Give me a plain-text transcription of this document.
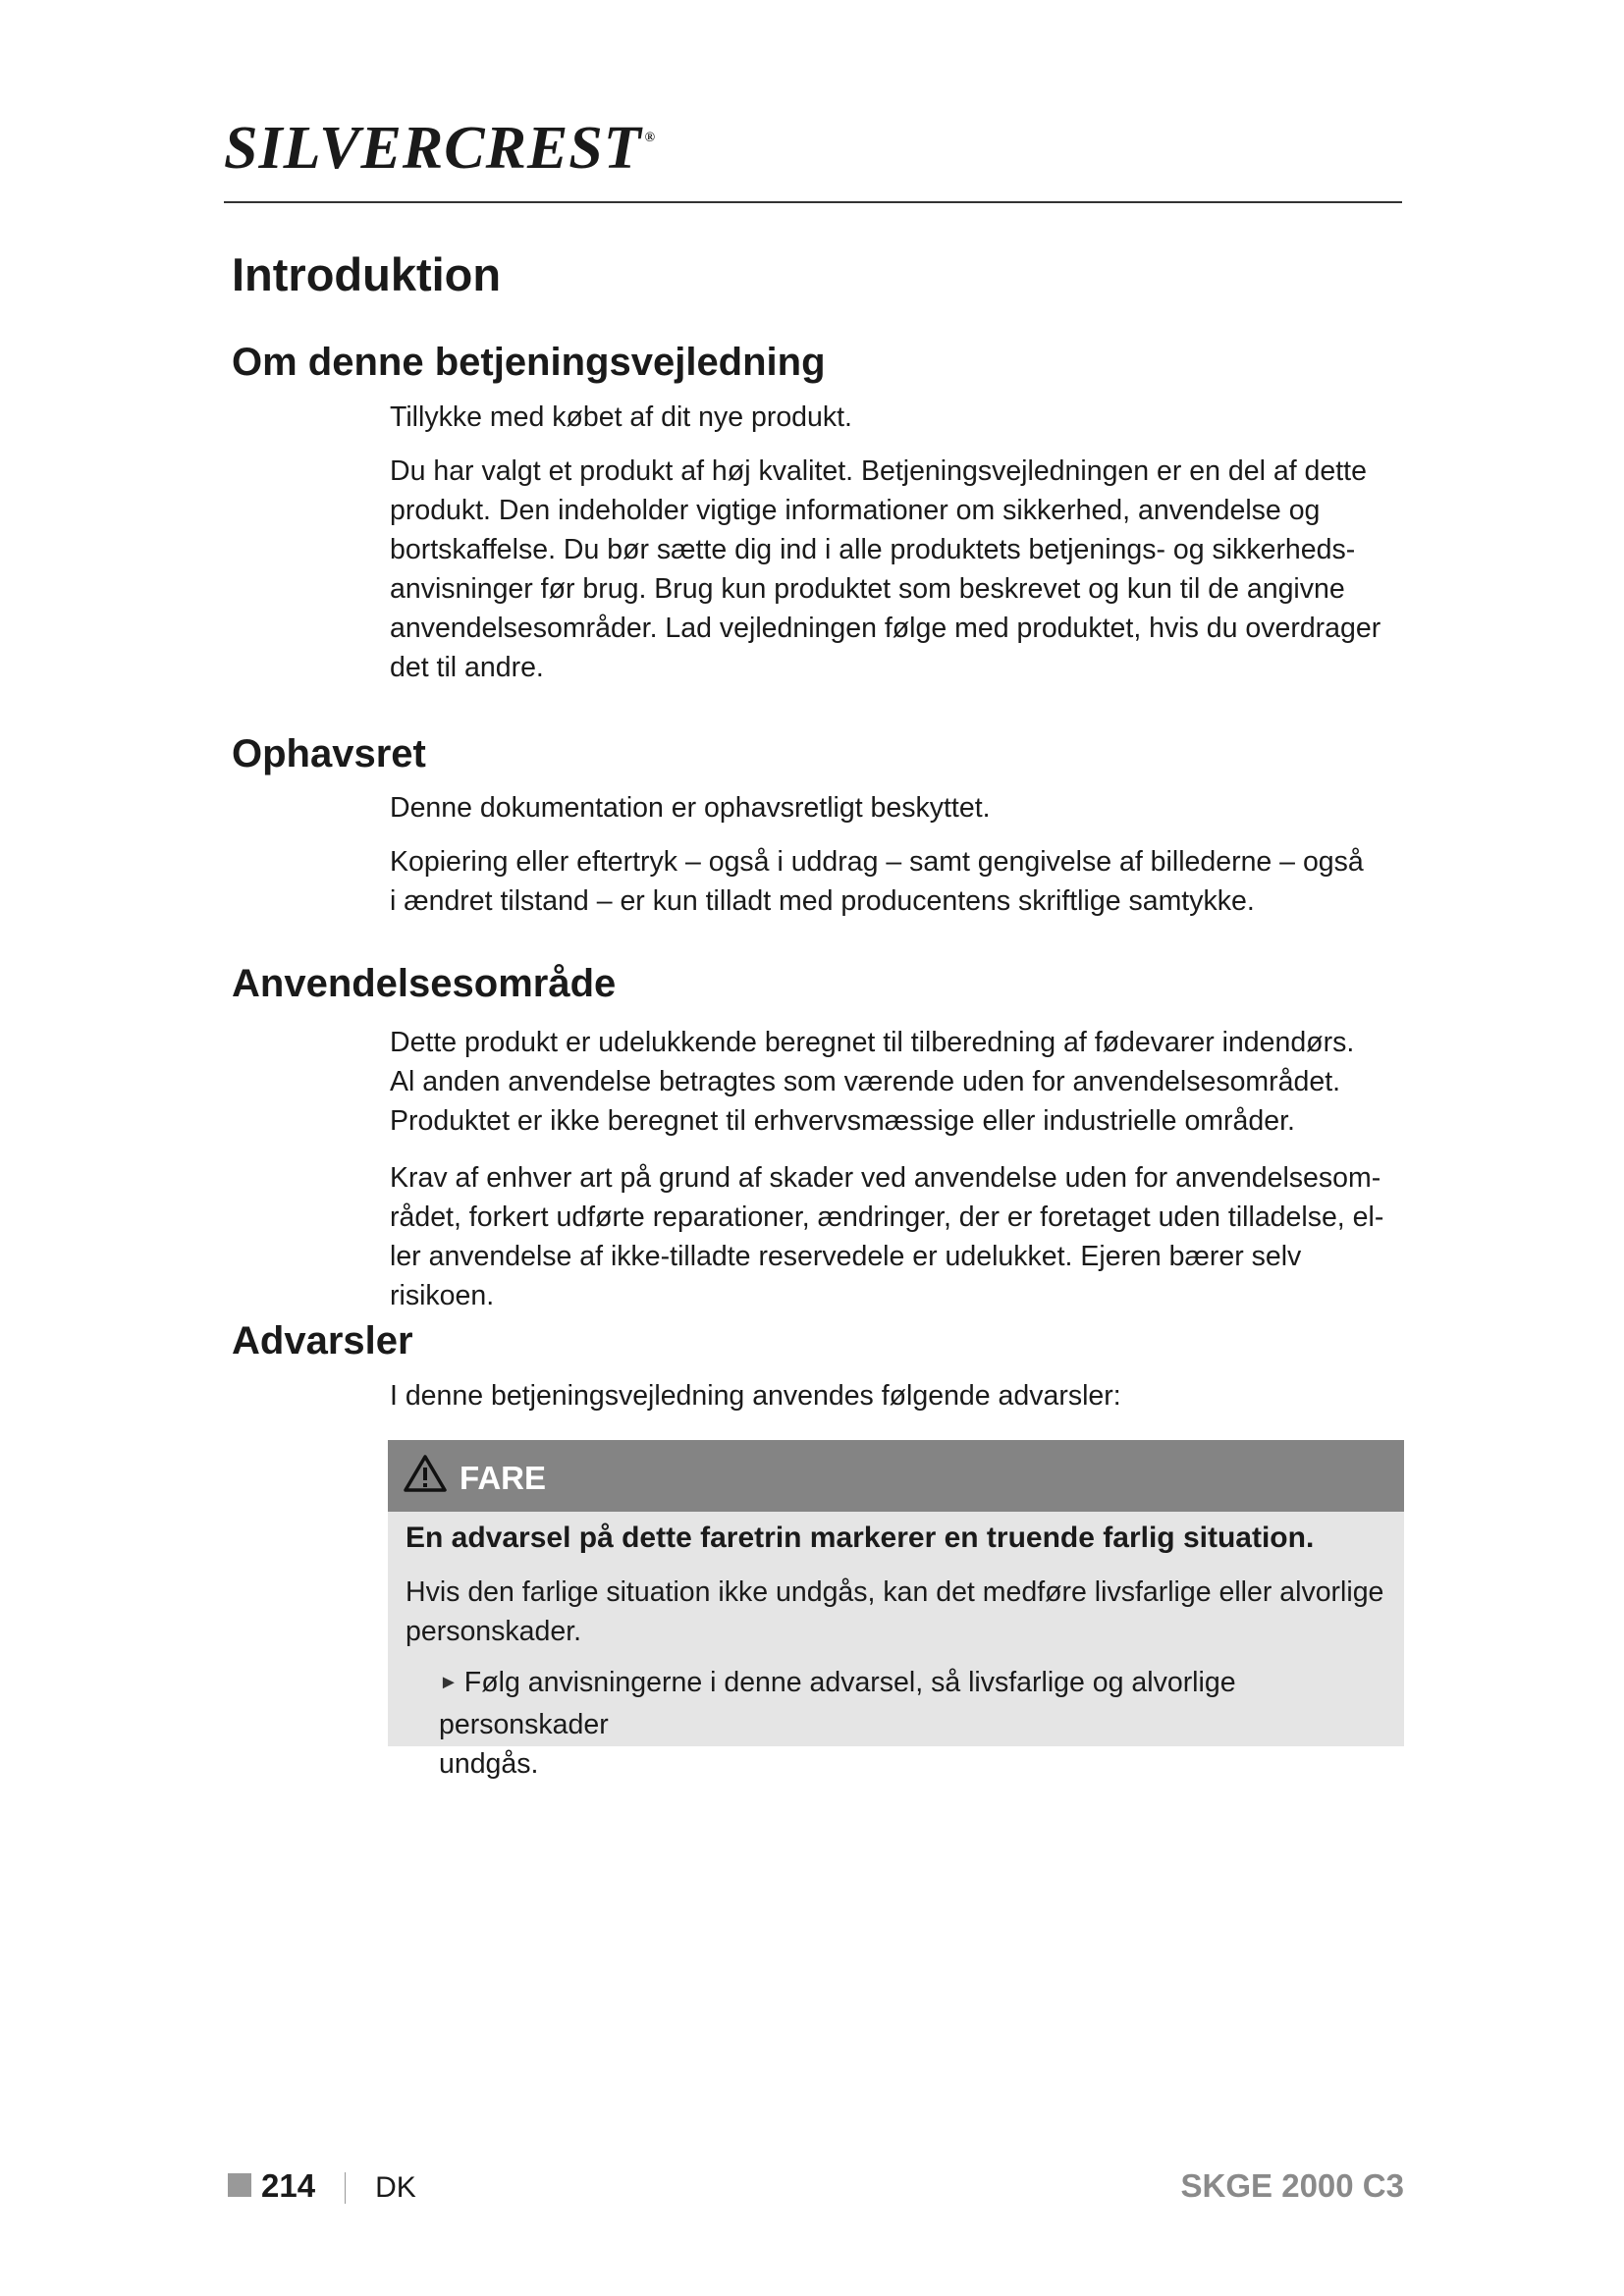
SILVERCREST ®
Introduktion
Om denne betjeningsvejledning

Tillykke med købet af dit nye produkt.

Du har valgt et produkt af høj kvalitet. Betjeningsvejledningen er en del af dette
produkt. Den indeholder vigtige informationer om sikkerhed, anvendelse og
bortskaffelse. Du bør sætte dig ind i alle produktets betjenings- og sikkerheds-
anvisninger før brug. Brug kun produktet som beskrevet og kun til de angivne
anvendelsesområder. Lad vejledningen følge med produktet, hvis du overdrager
det til andre.

Ophavsret

Denne dokumentation er ophavsretligt beskyttet.

Kopiering eller eftertryk – også i uddrag – samt gengivelse af billederne – også
i ændret tilstand – er kun tilladt med producentens skriftlige samtykke.

Anvendelsesområde

Dette produkt er udelukkende beregnet til tilberedning af fødevarer indendørs.
Al anden anvendelse betragtes som værende uden for anvendelsesområdet.
Produktet er ikke beregnet til erhvervsmæssige eller industrielle områder.

Krav af enhver art på grund af skader ved anvendelse uden for anvendelsesom-
rådet, forkert udførte reparationer, ændringer, der er foretaget uden tilladelse, el-
ler anvendelse af ikke-tilladte reservedele er udelukket. Ejeren bærer selv risikoen.

Advarsler

I denne betjeningsvejledning anvendes følgende advarsler:

FARE
En advarsel på dette faretrin markerer en truende farlig situation.
Hvis den farlige situation ikke undgås, kan det medføre livsfarlige eller alvorlige
personskader.
► Følg anvisningerne i denne advarsel, så livsfarlige og alvorlige personskader
undgås.
214 DK	SKGE 2000 C3
